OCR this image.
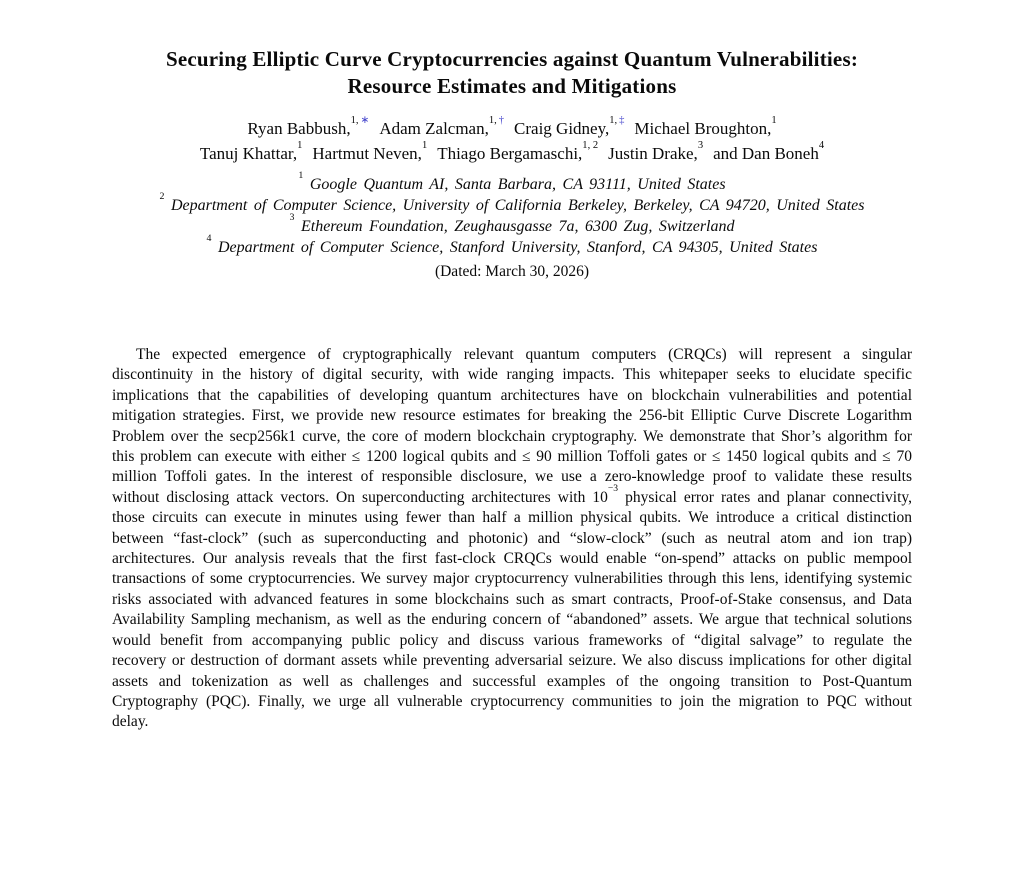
Securing Elliptic Curve Cryptocurrencies against Quantum Vulnerabilities:
Resource Estimates and Mitigations
Ryan Babbush,$^{1, ∗}$ Adam Zalcman,$^{1, \dagger}$ Craig Gidney,$^{1, \ddagger}$ Michael Broughton,$^1$
Tanuj Khattar,$^1$ Hartmut Neven,$^1$ Thiago Bergamaschi,$^{1, 2}$ Justin Drake,$^3$ and Dan Boneh$^4$
$^1$ Google Quantum AI, Santa Barbara, CA 93111, United States
$^2$ Department of Computer Science, University of California Berkeley, Berkeley, CA 94720, United States
$^3$ Ethereum Foundation, Zeughausgasse 7a, 6300 Zug, Switzerland
$^4$ Department of Computer Science, Stanford University, Stanford, CA 94305, United States
(Dated: March 30, 2026)

The expected emergence of cryptographically relevant quantum computers (CRQCs) will represent a singular discontinuity in the history of digital security, with wide ranging impacts. This whitepaper seeks to elucidate specific implications that the capabilities of developing quantum architectures have on blockchain vulnerabilities and potential mitigation strategies. First, we provide new resource estimates for breaking the 256-bit Elliptic Curve Discrete Logarithm Problem over the secp256k1 curve, the core of modern blockchain cryptography. We demonstrate that Shor’s algorithm for this problem can execute with either ≤ 1200 logical qubits and ≤ 90 million Toffoli gates or ≤ 1450 logical qubits and ≤ 70 million Toffoli gates. In the interest of responsible disclosure, we use a zero-knowledge proof to validate these results without disclosing attack vectors. On superconducting architectures with $10^{-3}$ physical error rates and planar connectivity, those circuits can execute in minutes using fewer than half a million physical qubits. We introduce a critical distinction between “fast-clock” (such as superconducting and photonic) and “slow-clock” (such as neutral atom and ion trap) architectures. Our analysis reveals that the first fast-clock CRQCs would enable “on-spend” attacks on public mempool transactions of some cryptocurrencies. We survey major cryptocurrency vulnerabilities through this lens, identifying systemic risks associated with advanced features in some blockchains such as smart contracts, Proof-of-Stake consensus, and Data Availability Sampling mechanism, as well as the enduring concern of “abandoned” assets. We argue that technical solutions would benefit from accompanying public policy and discuss various frameworks of “digital salvage” to regulate the recovery or destruction of dormant assets while preventing adversarial seizure. We also discuss implications for other digital assets and tokenization as well as challenges and successful examples of the ongoing transition to Post-Quantum Cryptography (PQC). Finally, we urge all vulnerable cryptocurrency communities to join the migration to PQC without delay.
